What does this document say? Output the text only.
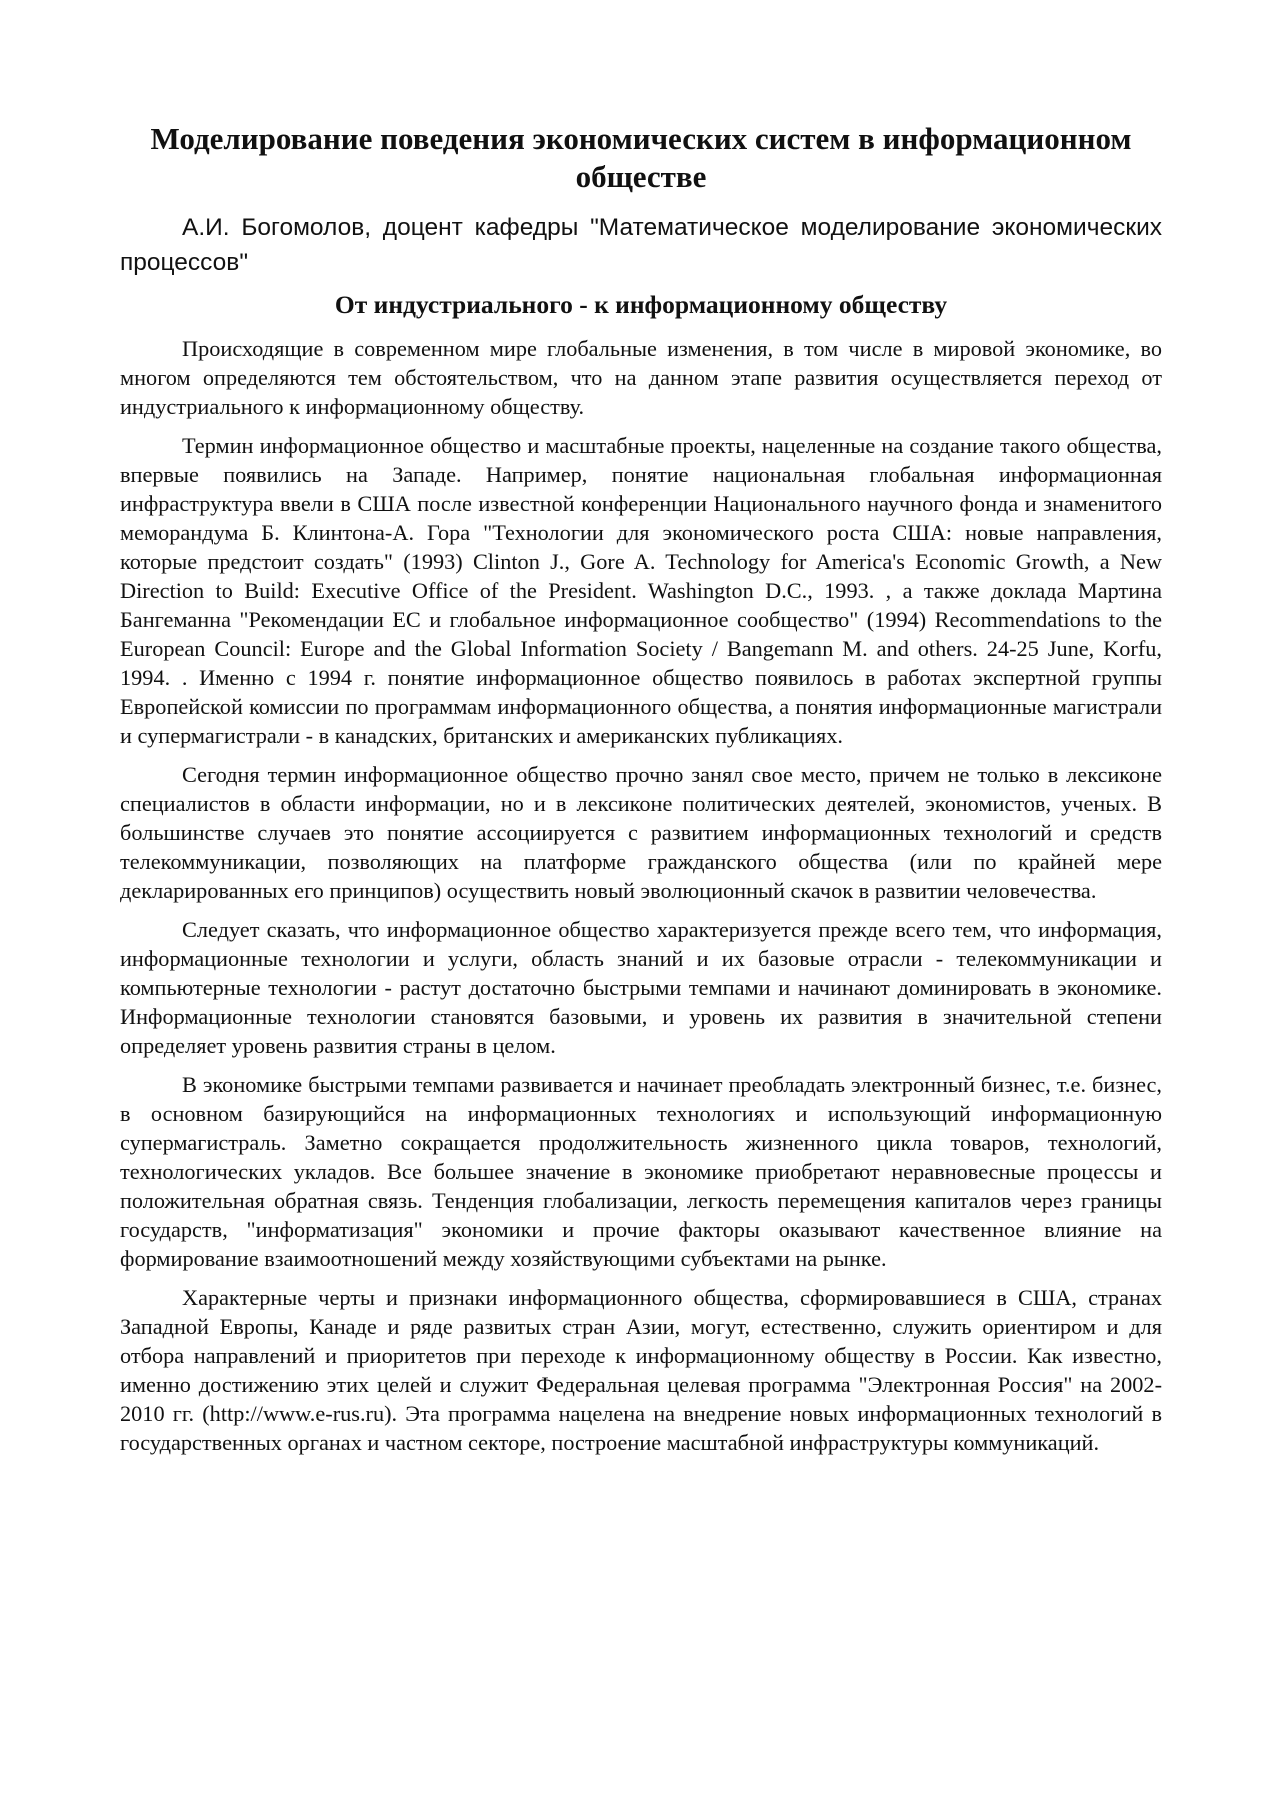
Моделирование поведения экономических систем в информационном обществе

А.И. Богомолов, доцент кафедры "Математическое моделирование экономических процессов"

От индустриального - к информационному обществу

Происходящие в современном мире глобальные изменения, в том числе в мировой экономике, во многом определяются тем обстоятельством, что на данном этапе развития осуществляется переход от индустриального к информационному обществу.

Термин информационное общество и масштабные проекты, нацеленные на создание такого общества, впервые появились на Западе. Например, понятие национальная глобальная информационная инфраструктура ввели в США после известной конференции Национального научного фонда и знаменитого меморандума Б. Клинтона-А. Гора "Технологии для экономического роста США: новые направления, которые предстоит создать" (1993) Clinton J., Gore A. Technology for America's Economic Growth, a New Direction to Build: Executive Office of the President. Washington D.C., 1993. , а также доклада Мартина Бангеманна "Рекомендации ЕС и глобальное информационное сообщество" (1994) Recommendations to the European Council: Europe and the Global Information Society / Bangemann M. and others. 24-25 June, Korfu, 1994. . Именно с 1994 г. понятие информационное общество появилось в работах экспертной группы Европейской комиссии по программам информационного общества, а понятия информационные магистрали и супермагистрали - в канадских, британских и американских публикациях.

Сегодня термин информационное общество прочно занял свое место, причем не только в лексиконе специалистов в области информации, но и в лексиконе политических деятелей, экономистов, ученых. В большинстве случаев это понятие ассоциируется с развитием информационных технологий и средств телекоммуникации, позволяющих на платформе гражданского общества (или по крайней мере декларированных его принципов) осуществить новый эволюционный скачок в развитии человечества.

Следует сказать, что информационное общество характеризуется прежде всего тем, что информация, информационные технологии и услуги, область знаний и их базовые отрасли - телекоммуникации и компьютерные технологии - растут достаточно быстрыми темпами и начинают доминировать в экономике. Информационные технологии становятся базовыми, и уровень их развития в значительной степени определяет уровень развития страны в целом.

В экономике быстрыми темпами развивается и начинает преобладать электронный бизнес, т.е. бизнес, в основном базирующийся на информационных технологиях и использующий информационную супермагистраль. Заметно сокращается продолжительность жизненного цикла товаров, технологий, технологических укладов. Все большее значение в экономике приобретают неравновесные процессы и положительная обратная связь. Тенденция глобализации, легкость перемещения капиталов через границы государств, "информатизация" экономики и прочие факторы оказывают качественное влияние на формирование взаимоотношений между хозяйствующими субъектами на рынке.

Характерные черты и признаки информационного общества, сформировавшиеся в США, странах Западной Европы, Канаде и ряде развитых стран Азии, могут, естественно, служить ориентиром и для отбора направлений и приоритетов при переходе к информационному обществу в России. Как известно, именно достижению этих целей и служит Федеральная целевая программа "Электронная Россия" на 2002-2010 гг. (http://www.e-rus.ru). Эта программа нацелена на внедрение новых информационных технологий в государственных органах и частном секторе, построение масштабной инфраструктуры коммуникаций.
